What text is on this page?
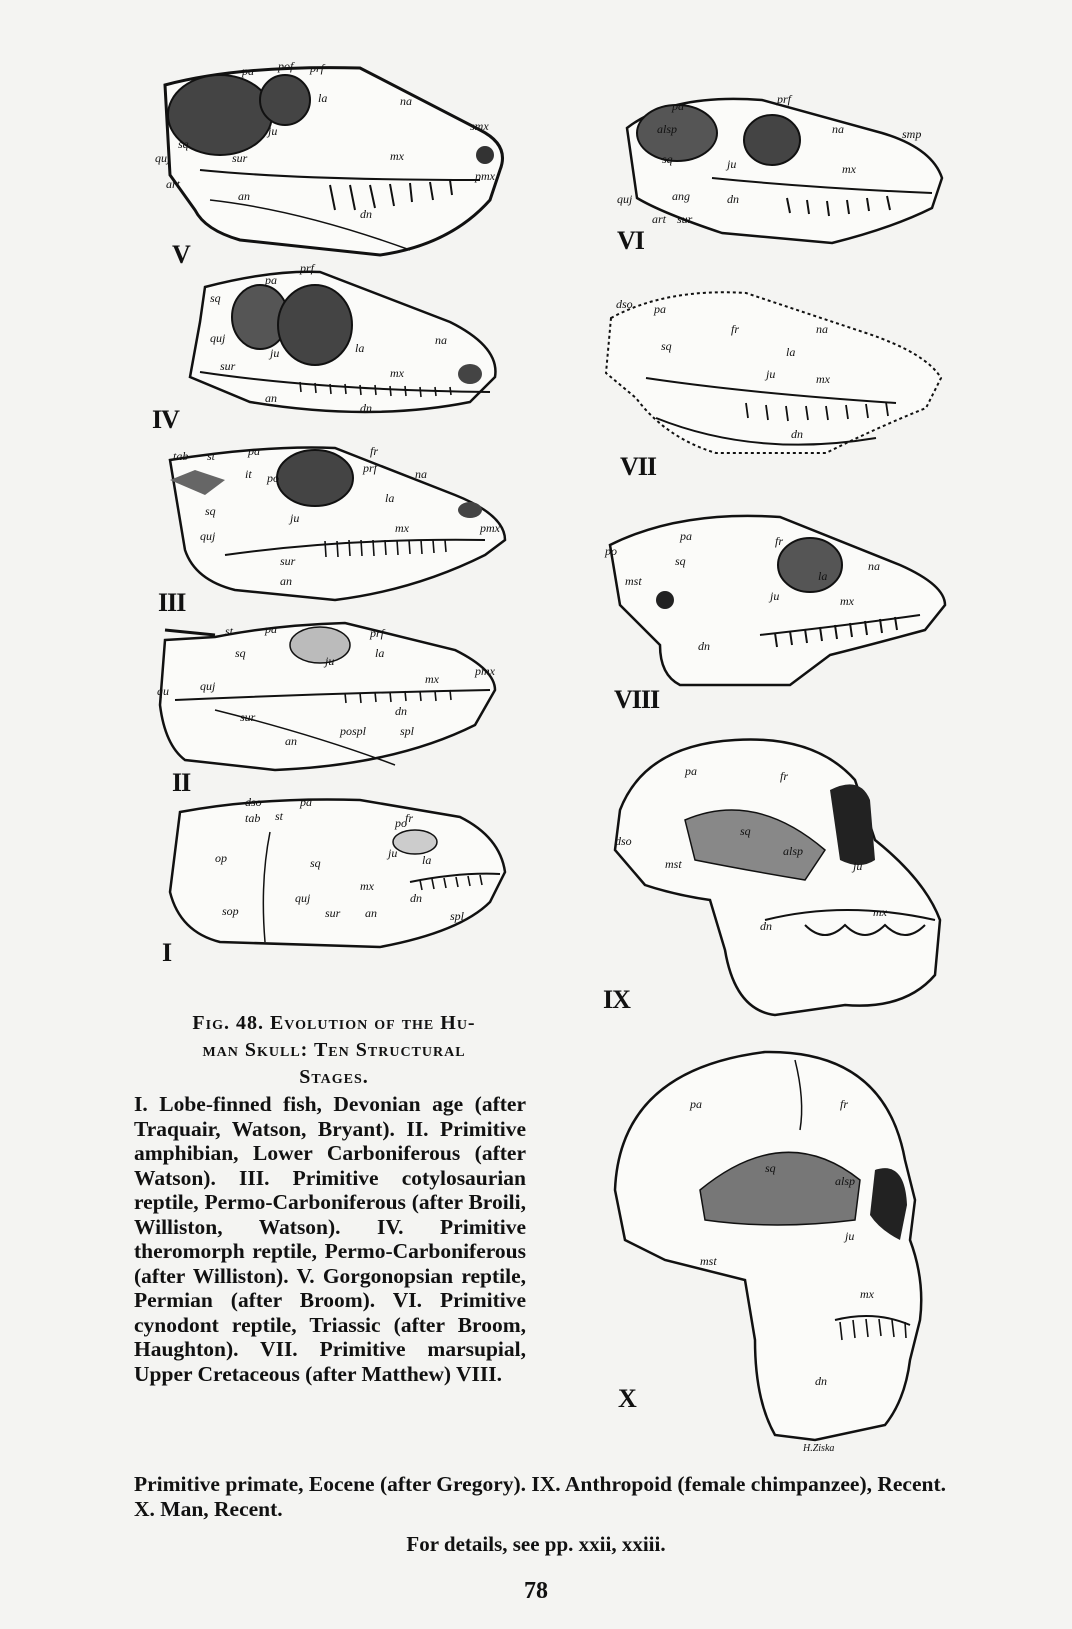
pa pof prf
la	na
ju
sq
mx
smx
pmx
quj
art
an
dn
sur
V
pa
alsp
prf
na	smp
sq	ju	mx
quj	ang
art sur
dn
VI
prf
pa
sq
quj
ju	la
na
mx
sur
an
dn
IV
dso pa
fr	na
sq	la
ju	mx
dn
VII
tab st	pa	fr
it po
prf	na
la
sq	ju
mx	pmx
quj
sur
an
III
po
pa	fr
sq
la
na
mst
ju	mx
dn
VIII
st	pa	prf
sq
ju
la
qu	quj	mx
pmx
sur	dn
an
pospl	spl
II	pa	fr
sq
alsp
dso
mst	ju
mx
dn
IX
dso	pa
tab st	po
fr
op	sq
ju la
mx
quj	dn
sop	sur an	spl
I
pa	fr
sq
alsp
mst
ju
mx
dn
X
H.Ziska
Fig. 48. Evolution of the Hu-
man Skull: Ten Structural
Stages.
I. Lobe-finned fish, Devonian age (after Traquair, Watson, Bryant). II. Primitive amphibian, Lower Carboniferous (after Watson). III. Primitive cotylosaurian reptile, Permo-Carboniferous (after Broili, Williston, Watson). IV. Primitive theromorph reptile, Permo-Carboniferous (after Williston). V. Gorgonopsian reptile, Permian (after Broom). VI. Primitive cynodont reptile, Triassic (after Broom, Haughton). VII. Primitive marsupial, Upper Cretaceous (after Matthew) VIII.
Primitive primate, Eocene (after Gregory). IX. Anthropoid (female chimpanzee), Recent. X. Man, Recent.
For details, see pp. xxii, xxiii.
78
